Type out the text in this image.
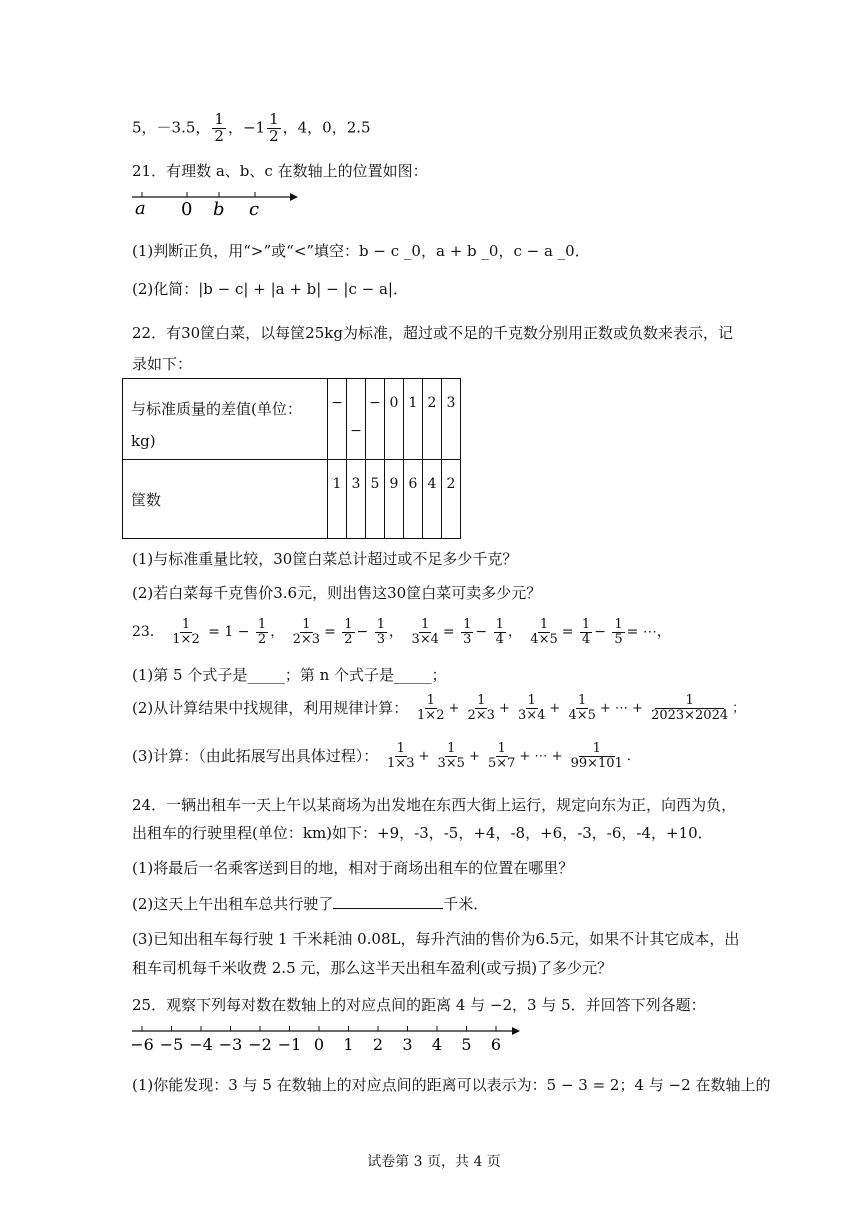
5，－3.5， $\frac{1}{2}$ ，$-1 \frac{1}{2}$ ，4，0，2.5
21．有理数 a、b、c 在数轴上的位置如图：
a 0 b c
(1)判断正负，用“>”或“<”填空：b − c _0，a + b _0，c − a _0．
(2)化简：|b − c| + |a + b| − |c − a|．
22．有30筐白菜，以每筐25kg为标准，超过或不足的千克数分别用正数或负数来表示，记
录如下：
与标准质量的差值(单位：kg)	−	−	−	0	1	2	3
筐数	1	3	5	9	6	4	2
(1)与标准重量比较，30筐白菜总计超过或不足多少千克？
(2)若白菜每千克售价3.6元，则出售这30筐白菜可卖多少元？
23． $\frac{1}{1\times 2} = 1 - \frac{1}{2}$ ， $\frac{1}{2\times 3} = \frac{1}{2} - \frac{1}{3}$ ， $\frac{1}{3\times 4} = \frac{1}{3} - \frac{1}{4}$ ， $\frac{1}{4\times 5} = \frac{1}{4} - \frac{1}{5}$ = ⋯，
(1)第 5 个式子是_____；第 n 个式子是_____；
(2)从计算结果中找规律，利用规律计算： $\frac{1}{1\times 2} + \frac{1}{2\times 3} + \frac{1}{3\times 4} + \frac{1}{4\times 5}$ + ⋯ + $\frac{1}{2023\times 2024}$ ；
(3)计算：（由此拓展写出具体过程）： $\frac{1}{1\times 3} + \frac{1}{3\times 5} + \frac{1}{5\times 7}$ + ⋯ + $\frac{1}{99\times 101}$ ．
24．一辆出租车一天上午以某商场为出发地在东西大街上运行，规定向东为正，向西为负，
出租车的行驶里程(单位：km)如下：+9，-3，-5，+4，-8，+6，-3，-6，-4，+10．
(1)将最后一名乘客送到目的地，相对于商场出租车的位置在哪里？
(2)这天上午出租车总共行驶了	千米．
(3)已知出租车每行驶 1 千米耗油 0.08L，每升汽油的售价为6.5元，如果不计其它成本，出
租车司机每千米收费 2.5 元，那么这半天出租车盈利(或亏损)了多少元？
25．观察下列每对数在数轴上的对应点间的距离 4 与 −2，3 与 5．并回答下列各题：
−6 −5 −4 −3 −2 −1 0 1 2 3 4 5 6
(1)你能发现：3 与 5 在数轴上的对应点间的距离可以表示为：5 − 3 = 2；4 与 −2 在数轴上的
试卷第 3 页，共 4 页
